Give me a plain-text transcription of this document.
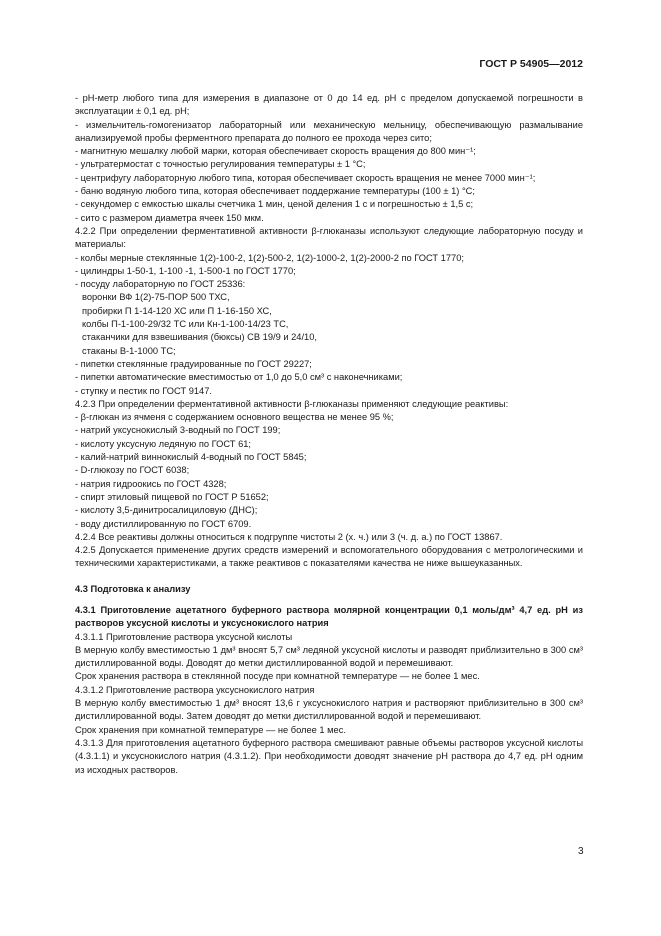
ГОСТ Р 54905—2012

- рН-метр любого типа для измерения в диапазоне от 0 до 14 ед. рН с пределом допускаемой погрешности в эксплуатации ± 0,1 ед. рН;

- измельчитель-гомогенизатор лабораторный или механическую мельницу, обеспечивающую размалывание анализируемой пробы ферментного препарата до полного ее прохода через сито;

- магнитную мешалку любой марки, которая обеспечивает скорость вращения до 800 мин⁻¹;

- ультратермостат с точностью регулирования температуры ± 1 °С;

- центрифугу лабораторную любого типа, которая обеспечивает скорость вращения не менее 7000 мин⁻¹;

- баню водяную любого типа, которая обеспечивает поддержание температуры (100 ± 1) °С;

- секундомер с емкостью шкалы счетчика 1 мин, ценой деления 1 с и погрешностью ± 1,5 с;

- сито с размером диаметра ячеек 150 мкм.

4.2.2 При определении ферментативной активности β-глюканазы используют следующие лабораторную посуду и материалы:

- колбы мерные стеклянные 1(2)-100-2, 1(2)-500-2, 1(2)-1000-2, 1(2)-2000-2 по ГОСТ 1770;

- цилиндры 1-50-1, 1-100 -1, 1-500-1 по ГОСТ 1770;

- посуду лабораторную по ГОСТ 25336:

воронки ВФ 1(2)-75-ПОР 500 ТХС,

пробирки П 1-14-120 ХС или П 1-16-150 ХС,

колбы П-1-100-29/32 ТС или Кн-1-100-14/23 ТС,

стаканчики для взвешивания (бюксы) СВ 19/9 и 24/10,

стаканы В-1-1000 ТС;

- пипетки стеклянные градуированные по ГОСТ 29227;

- пипетки автоматические вместимостью от 1,0 до 5,0 см³ с наконечниками;

- ступку и пестик по ГОСТ 9147.

4.2.3 При определении ферментативной активности β-глюканазы применяют следующие реактивы:

- β-глюкан из ячменя с содержанием основного вещества не менее 95 %;

- натрий уксуснокислый 3-водный по ГОСТ 199;

- кислоту уксусную ледяную по ГОСТ 61;

- калий-натрий виннокислый 4-водный по ГОСТ 5845;

- D-глюкозу по ГОСТ 6038;

- натрия гидроокись по ГОСТ 4328;

- спирт этиловый пищевой по ГОСТ Р 51652;

- кислоту 3,5-динитросалициловую (ДНС);

- воду дистиллированную по ГОСТ 6709.

4.2.4 Все реактивы должны относиться к подгруппе чистоты 2 (х. ч.) или 3 (ч. д. а.) по ГОСТ 13867.

4.2.5 Допускается применение других средств измерений и вспомогательного оборудования с метрологическими и техническими характеристиками, а также реактивов с показателями качества не ниже вышеуказанных.

4.3 Подготовка к анализу

4.3.1 Приготовление ацетатного буферного раствора молярной концентрации 0,1 моль/дм³ 4,7 ед. рН из растворов уксусной кислоты и уксуснокислого натрия

4.3.1.1 Приготовление раствора уксусной кислоты

В мерную колбу вместимостью 1 дм³ вносят 5,7 см³ ледяной уксусной кислоты и разводят приблизительно в 300 см³ дистиллированной воды. Доводят до метки дистиллированной водой и перемешивают.

Срок хранения раствора в стеклянной посуде при комнатной температуре — не более 1 мес.

4.3.1.2 Приготовление раствора уксуснокислого натрия

В мерную колбу вместимостью 1 дм³ вносят 13,6 г уксуснокислого натрия и растворяют приблизительно в 300 см³ дистиллированной воды. Затем доводят до метки дистиллированной водой и перемешивают.

Срок хранения при комнатной температуре — не более 1 мес.

4.3.1.3 Для приготовления ацетатного буферного раствора смешивают равные объемы растворов уксусной кислоты (4.3.1.1) и уксуснокислого натрия (4.3.1.2). При необходимости доводят значение рН раствора до 4,7 ед. рН одним из исходных растворов.

3
